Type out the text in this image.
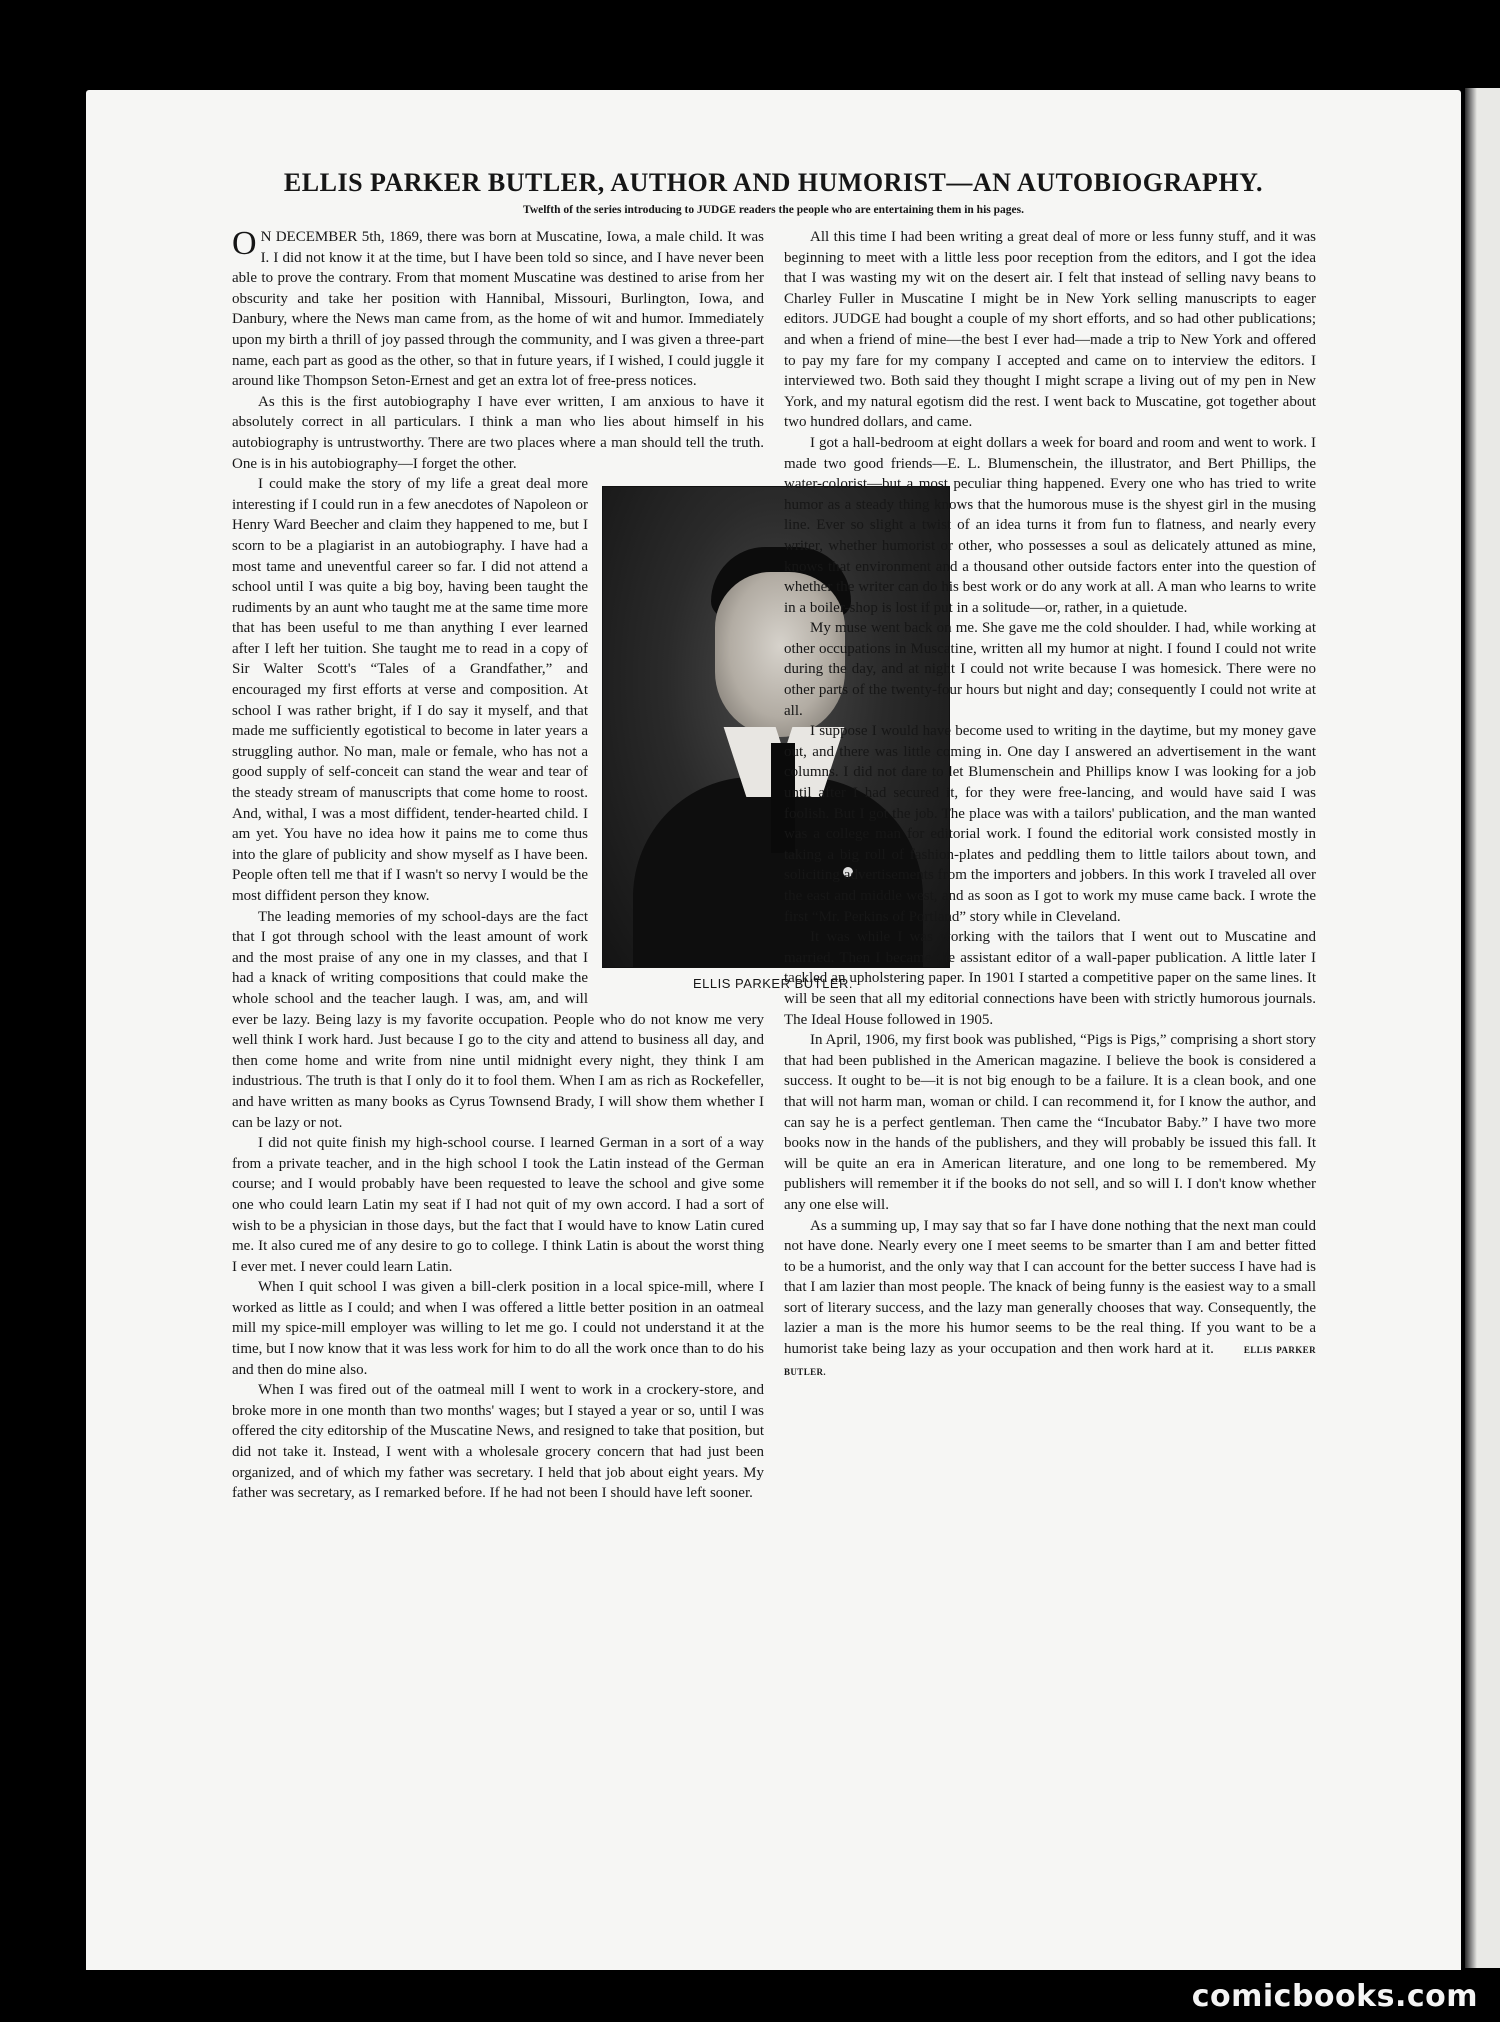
ELLIS PARKER BUTLER, AUTHOR AND HUMORIST—AN AUTOBIOGRAPHY.
Twelfth of the series introducing to JUDGE readers the people who are entertaining them in his pages.

O N DECEMBER 5th, 1869, there was born at Muscatine, Iowa, a male child. It was I. I did not know it at the time, but I have been told so since, and I have never been able to prove the contrary. From that moment Muscatine was destined to arise from her obscurity and take her position with Hannibal, Missouri, Burlington, Iowa, and Danbury, where the News man came from, as the home of wit and humor. Immediately upon my birth a thrill of joy passed through the community, and I was given a three-part name, each part as good as the other, so that in future years, if I wished, I could juggle it around like Thompson Seton-Ernest and get an extra lot of free-press notices.

As this is the first autobiography I have ever written, I am anxious to have it absolutely correct in all particulars. I think a man who lies about himself in his autobiography is untrustworthy. There are two places where a man should tell the truth. One is in his autobiography—I forget the other.

ELLIS PARKER BUTLER.

I could make the story of my life a great deal more interesting if I could run in a few anecdotes of Napoleon or Henry Ward Beecher and claim they happened to me, but I scorn to be a plagiarist in an autobiography. I have had a most tame and uneventful career so far. I did not attend a school until I was quite a big boy, having been taught the rudiments by an aunt who taught me at the same time more that has been useful to me than anything I ever learned after I left her tuition. She taught me to read in a copy of Sir Walter Scott's “Tales of a Grandfather,” and encouraged my first efforts at verse and composition. At school I was rather bright, if I do say it myself, and that made me sufficiently egotistical to become in later years a struggling author. No man, male or female, who has not a good supply of self-conceit can stand the wear and tear of the steady stream of manuscripts that come home to roost. And, withal, I was a most diffident, tender-hearted child. I am yet. You have no idea how it pains me to come thus into the glare of publicity and show myself as I have been. People often tell me that if I wasn't so nervy I would be the most diffident person they know.

The leading memories of my school-days are the fact that I got through school with the least amount of work and the most praise of any one in my classes, and that I had a knack of writing compositions that could make the whole school and the teacher laugh. I was, am, and will ever be lazy. Being lazy is my favorite occupation. People who do not know me very well think I work hard. Just because I go to the city and attend to business all day, and then come home and write from nine until midnight every night, they think I am industrious. The truth is that I only do it to fool them. When I am as rich as Rockefeller, and have written as many books as Cyrus Townsend Brady, I will show them whether I can be lazy or not.

I did not quite finish my high-school course. I learned German in a sort of a way from a private teacher, and in the high school I took the Latin instead of the German course; and I would probably have been requested to leave the school and give some one who could learn Latin my seat if I had not quit of my own accord. I had a sort of wish to be a physician in those days, but the fact that I would have to know Latin cured me. It also cured me of any desire to go to college. I think Latin is about the worst thing I ever met. I never could learn Latin.

When I quit school I was given a bill-clerk position in a local spice-mill, where I worked as little as I could; and when I was offered a little better position in an oatmeal mill my spice-mill employer was willing to let me go. I could not understand it at the time, but I now know that it was less work for him to do all the work once than to do his and then do mine also.

When I was fired out of the oatmeal mill I went to work in a crockery-store, and broke more in one month than two months' wages; but I stayed a year or so, until I was offered the city editorship of the Muscatine News, and resigned to take that position, but did not take it. Instead, I went with a wholesale grocery concern that had just been organized, and of which my father was secretary. I held that job about eight years. My father was secretary, as I remarked before. If he had not been I should have left sooner.

All this time I had been writing a great deal of more or less funny stuff, and it was beginning to meet with a little less poor reception from the editors, and I got the idea that I was wasting my wit on the desert air. I felt that instead of selling navy beans to Charley Fuller in Muscatine I might be in New York selling manuscripts to eager editors. JUDGE had bought a couple of my short efforts, and so had other publications; and when a friend of mine—the best I ever had—made a trip to New York and offered to pay my fare for my company I accepted and came on to interview the editors. I interviewed two. Both said they thought I might scrape a living out of my pen in New York, and my natural egotism did the rest. I went back to Muscatine, got together about two hundred dollars, and came.

I got a hall-bedroom at eight dollars a week for board and room and went to work. I made two good friends—E. L. Blumenschein, the illustrator, and Bert Phillips, the water-colorist—but a most peculiar thing happened. Every one who has tried to write humor as a steady thing knows that the humorous muse is the shyest girl in the musing line. Ever so slight a twist of an idea turns it from fun to flatness, and nearly every writer, whether humorist or other, who possesses a soul as delicately attuned as mine, knows that environment and a thousand other outside factors enter into the question of whether the writer can do his best work or do any work at all. A man who learns to write in a boiler-shop is lost if put in a solitude—or, rather, in a quietude.

My muse went back on me. She gave me the cold shoulder. I had, while working at other occupations in Muscatine, written all my humor at night. I found I could not write during the day, and at night I could not write because I was homesick. There were no other parts of the twenty-four hours but night and day; consequently I could not write at all.

I suppose I would have become used to writing in the daytime, but my money gave out, and there was little coming in. One day I answered an advertisement in the want columns. I did not dare to let Blumenschein and Phillips know I was looking for a job until after I had secured it, for they were free-lancing, and would have said I was foolish. But I got the job. The place was with a tailors' publication, and the man wanted was a college man for editorial work. I found the editorial work consisted mostly in taking a big roll of fashion-plates and peddling them to little tailors about town, and soliciting advertisements from the importers and jobbers. In this work I traveled all over the east and middle west, and as soon as I got to work my muse came back. I wrote the first “Mr. Perkins of Portland” story while in Cleveland.

It was while I was working with the tailors that I went out to Muscatine and married. Then I became the assistant editor of a wall-paper publication. A little later I tackled an upholstering paper. In 1901 I started a competitive paper on the same lines. It will be seen that all my editorial connections have been with strictly humorous journals. The Ideal House followed in 1905.

In April, 1906, my first book was published, “Pigs is Pigs,” comprising a short story that had been published in the American magazine. I believe the book is considered a success. It ought to be—it is not big enough to be a failure. It is a clean book, and one that will not harm man, woman or child. I can recommend it, for I know the author, and can say he is a perfect gentleman. Then came the “Incubator Baby.” I have two more books now in the hands of the publishers, and they will probably be issued this fall. It will be quite an era in American literature, and one long to be remembered. My publishers will remember it if the books do not sell, and so will I. I don't know whether any one else will.

As a summing up, I may say that so far I have done nothing that the next man could not have done. Nearly every one I meet seems to be smarter than I am and better fitted to be a humorist, and the only way that I can account for the better success I have had is that I am lazier than most people. The knack of being funny is the easiest way to a small sort of literary success, and the lazy man generally chooses that way. Consequently, the lazier a man is the more his humor seems to be the real thing. If you want to be a humorist take being lazy as your occupation and then work hard at it.	ELLIS PARKER BUTLER.

comicbooks.com
